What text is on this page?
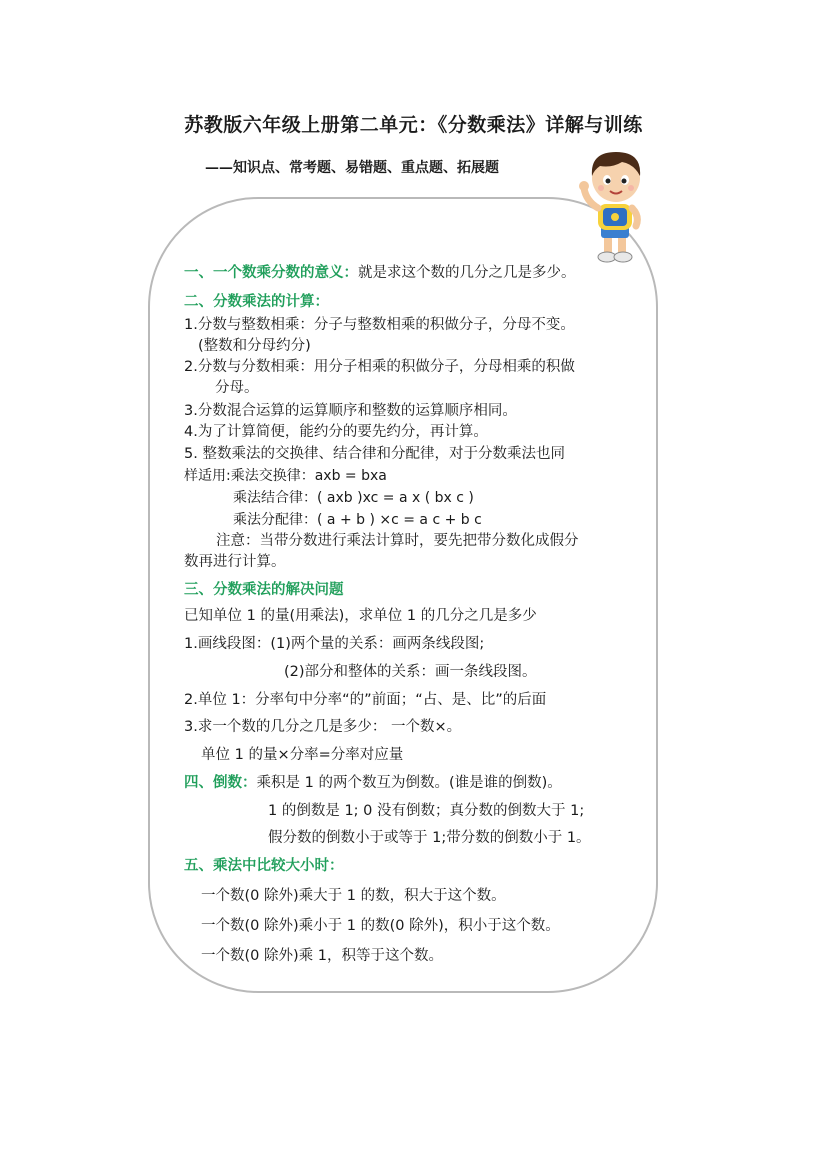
苏教版六年级上册第二单元：《分数乘法》详解与训练
——知识点、常考题、易错题、重点题、拓展题
一、一个数乘分数的意义：就是求这个数的几分之几是多少。
二、分数乘法的计算：
1.分数与整数相乘：分子与整数相乘的积做分子，分母不变。
(整数和分母约分)
2.分数与分数相乘：用分子相乘的积做分子，分母相乘的积做
分母。
3.分数混合运算的运算顺序和整数的运算顺序相同。
4.为了计算简便，能约分的要先约分，再计算。
5. 整数乘法的交换律、结合律和分配律，对于分数乘法也同
样适用:乘法交换律：axb = bxa
乘法结合律：( axb )xc = a x ( bx c )
乘法分配律：( a + b ) ×c = a c + b c
注意：当带分数进行乘法计算时，要先把带分数化成假分
数再进行计算。
三、分数乘法的解决问题
已知单位 1 的量(用乘法)，求单位 1 的几分之几是多少
1.画线段图：(1)两个量的关系：画两条线段图;
(2)部分和整体的关系：画一条线段图。
2.单位 1：分率句中分率“的”前面；“占、是、比”的后面
3.求一个数的几分之几是多少： 一个数×。
单位 1 的量×分率=分率对应量
四、倒数：乘积是 1 的两个数互为倒数。(谁是谁的倒数)。
1 的倒数是 1; 0 没有倒数；真分数的倒数大于 1;
假分数的倒数小于或等于 1;带分数的倒数小于 1。
五、乘法中比较大小时：
一个数(0 除外)乘大于 1 的数，积大于这个数。
一个数(0 除外)乘小于 1 的数(0 除外)，积小于这个数。
一个数(0 除外)乘 1，积等于这个数。
